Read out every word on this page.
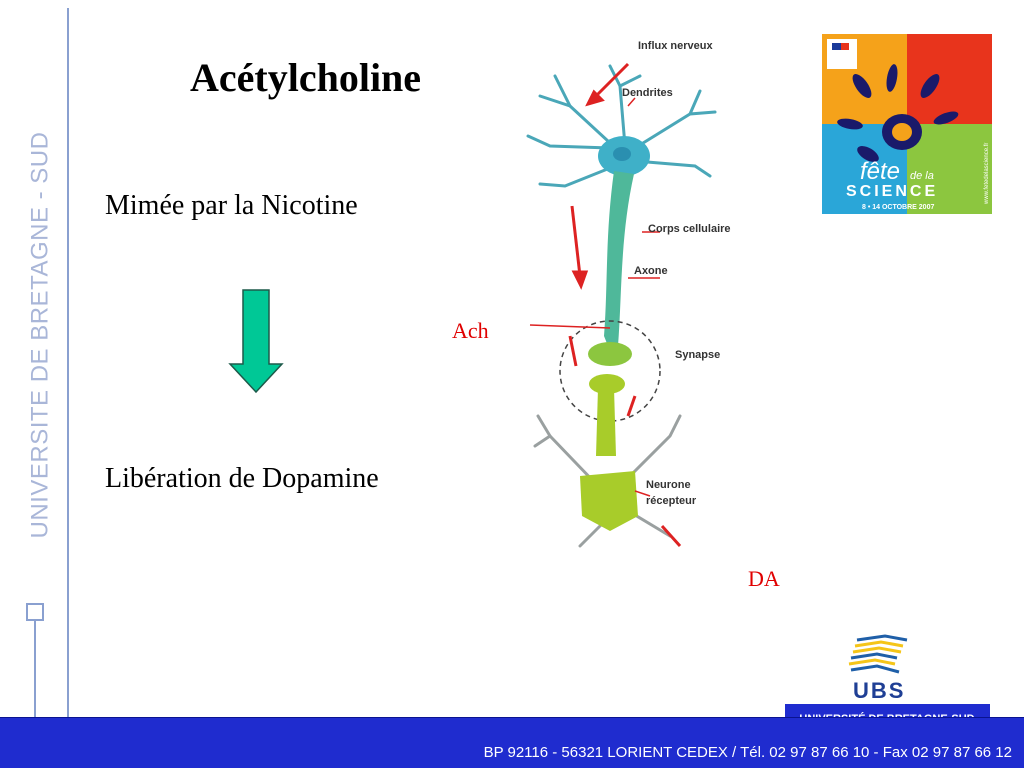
UNIVERSITE DE BRETAGNE - SUD
Acétylcholine
Mimée par la Nicotine
Libération de Dopamine
Ach
DA
Influx nerveux
Dendrites
Corps cellulaire
Axone
Synapse
Neurone
récepteur
fête de la
SCIENCE
8 • 14 OCTOBRE 2007
www.fetedelascience.fr
UBS
BP 92116 - 56321 LORIENT CEDEX / Tél. 02 97 87 66 10 - Fax 02 97 87 66 12
